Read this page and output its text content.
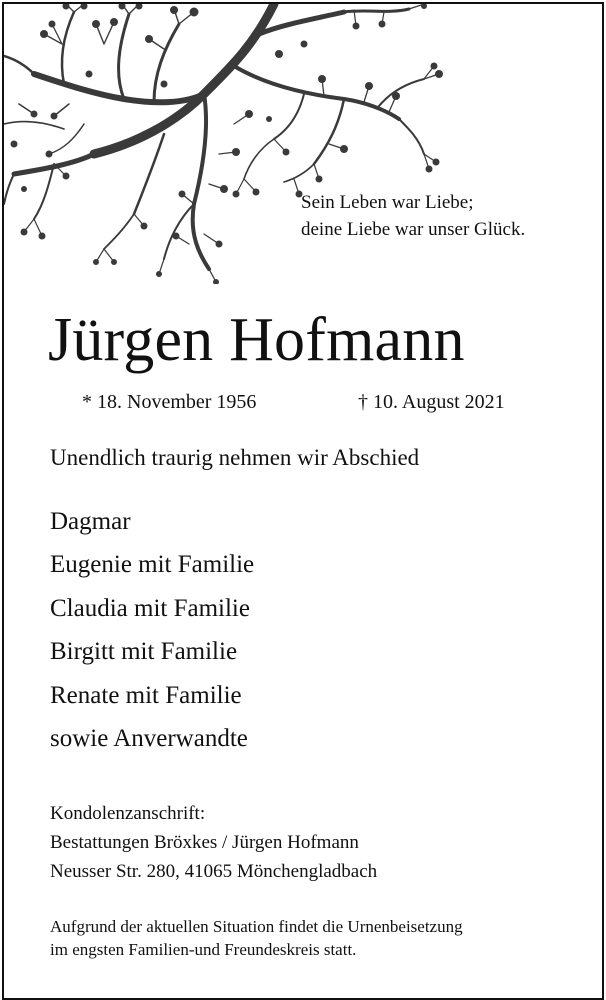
Sein Leben war Liebe;
deine Liebe war unser Glück.
Jürgen Hofmann
* 18. November 1956	† 10. August 2021
Unendlich traurig nehmen wir Abschied
Dagmar
Eugenie mit Familie
Claudia mit Familie
Birgitt mit Familie
Renate mit Familie
sowie Anverwandte
Kondolenzanschrift:
Bestattungen Bröxkes / Jürgen Hofmann
Neusser Str. 280, 41065 Mönchengladbach
Aufgrund der aktuellen Situation findet die Urnenbeisetzung
im engsten Familien-und Freundeskreis statt.
